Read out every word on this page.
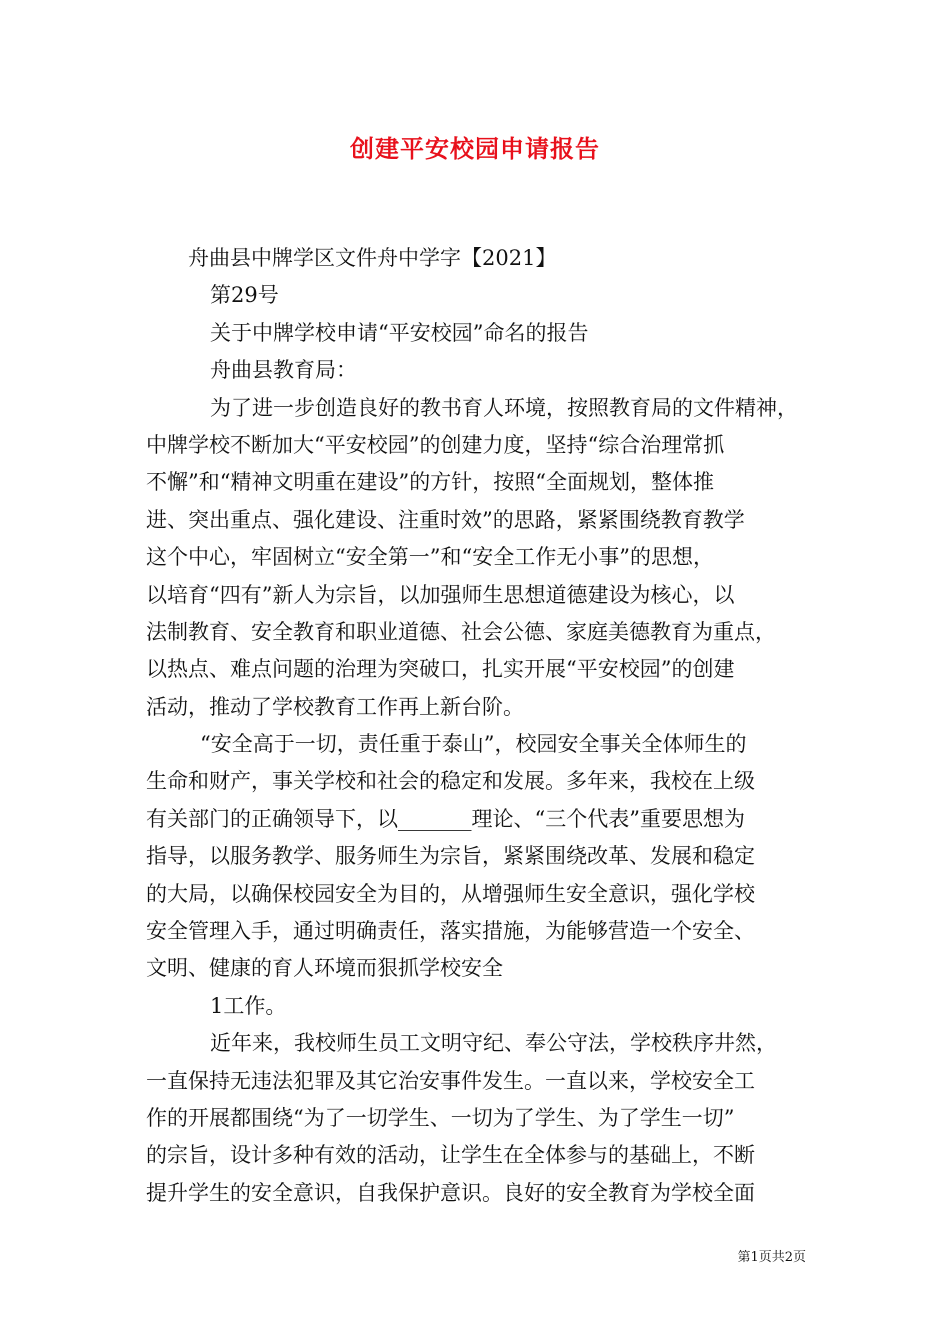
创建平安校园申请报告
舟曲县中牌学区文件舟中学字【2021】
第29号
关于中牌学校申请“平安校园”命名的报告
舟曲县教育局：
为了进一步创造良好的教书育人环境，按照教育局的文件精神，
中牌学校不断加大“平安校园”的创建力度，坚持“综合治理常抓
不懈”和“精神文明重在建设”的方针，按照“全面规划，整体推
进、突出重点、强化建设、注重时效”的思路，紧紧围绕教育教学
这个中心，牢固树立“安全第一”和“安全工作无小事”的思想，
以培育“四有”新人为宗旨，以加强师生思想道德建设为核心，以
法制教育、安全教育和职业道德、社会公德、家庭美德教育为重点，
以热点、难点问题的治理为突破口，扎实开展“平安校园”的创建
活动，推动了学校教育工作再上新台阶。
“安全高于一切，责任重于泰山”，校园安全事关全体师生的
生命和财产，事关学校和社会的稳定和发展。多年来，我校在上级
有关部门的正确领导下，以_______理论、“三个代表”重要思想为
指导，以服务教学、服务师生为宗旨，紧紧围绕改革、发展和稳定
的大局，以确保校园安全为目的，从增强师生安全意识，强化学校
安全管理入手，通过明确责任，落实措施，为能够营造一个安全、
文明、健康的育人环境而狠抓学校安全
1工作。
近年来，我校师生员工文明守纪、奉公守法，学校秩序井然，
一直保持无违法犯罪及其它治安事件发生。一直以来，学校安全工
作的开展都围绕“为了一切学生、一切为了学生、为了学生一切”
的宗旨，设计多种有效的活动，让学生在全体参与的基础上，不断
提升学生的安全意识，自我保护意识。良好的安全教育为学校全面
第1页共2页
